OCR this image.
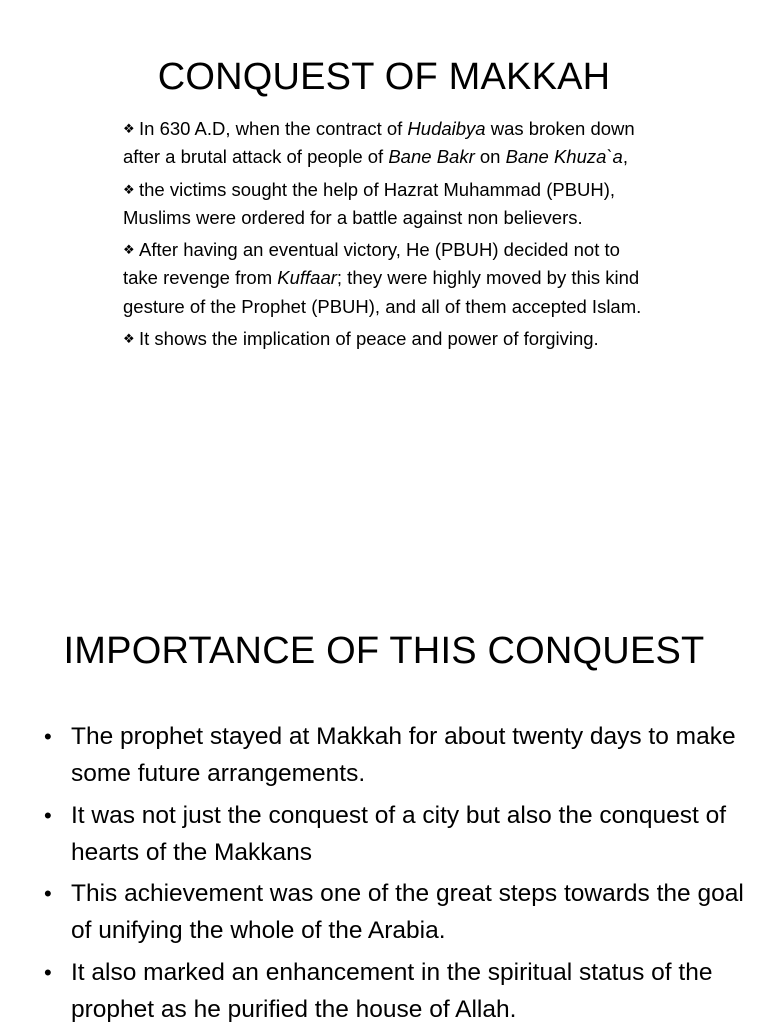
CONQUEST OF MAKKAH
❖ In 630 A.D, when the contract of Hudaibya was broken down after a brutal attack of people of Bane Bakr on Bane Khuza`a,
❖ the victims sought the help of Hazrat Muhammad (PBUH), Muslims were ordered for a battle against non believers.
❖ After having an eventual victory, He (PBUH) decided not to take revenge from Kuffaar; they were highly moved by this kind gesture of the Prophet (PBUH), and all of them accepted Islam.
❖ It shows the implication of peace and power of forgiving.
IMPORTANCE OF THIS CONQUEST
• The prophet stayed at Makkah for about twenty days to make some future arrangements.
• It was not just the conquest of a city but also the conquest of hearts of the Makkans
• This achievement was one of the great steps towards the goal of unifying the whole of the Arabia.
• It also marked an enhancement in the spiritual status of the prophet as he purified the house of Allah.
